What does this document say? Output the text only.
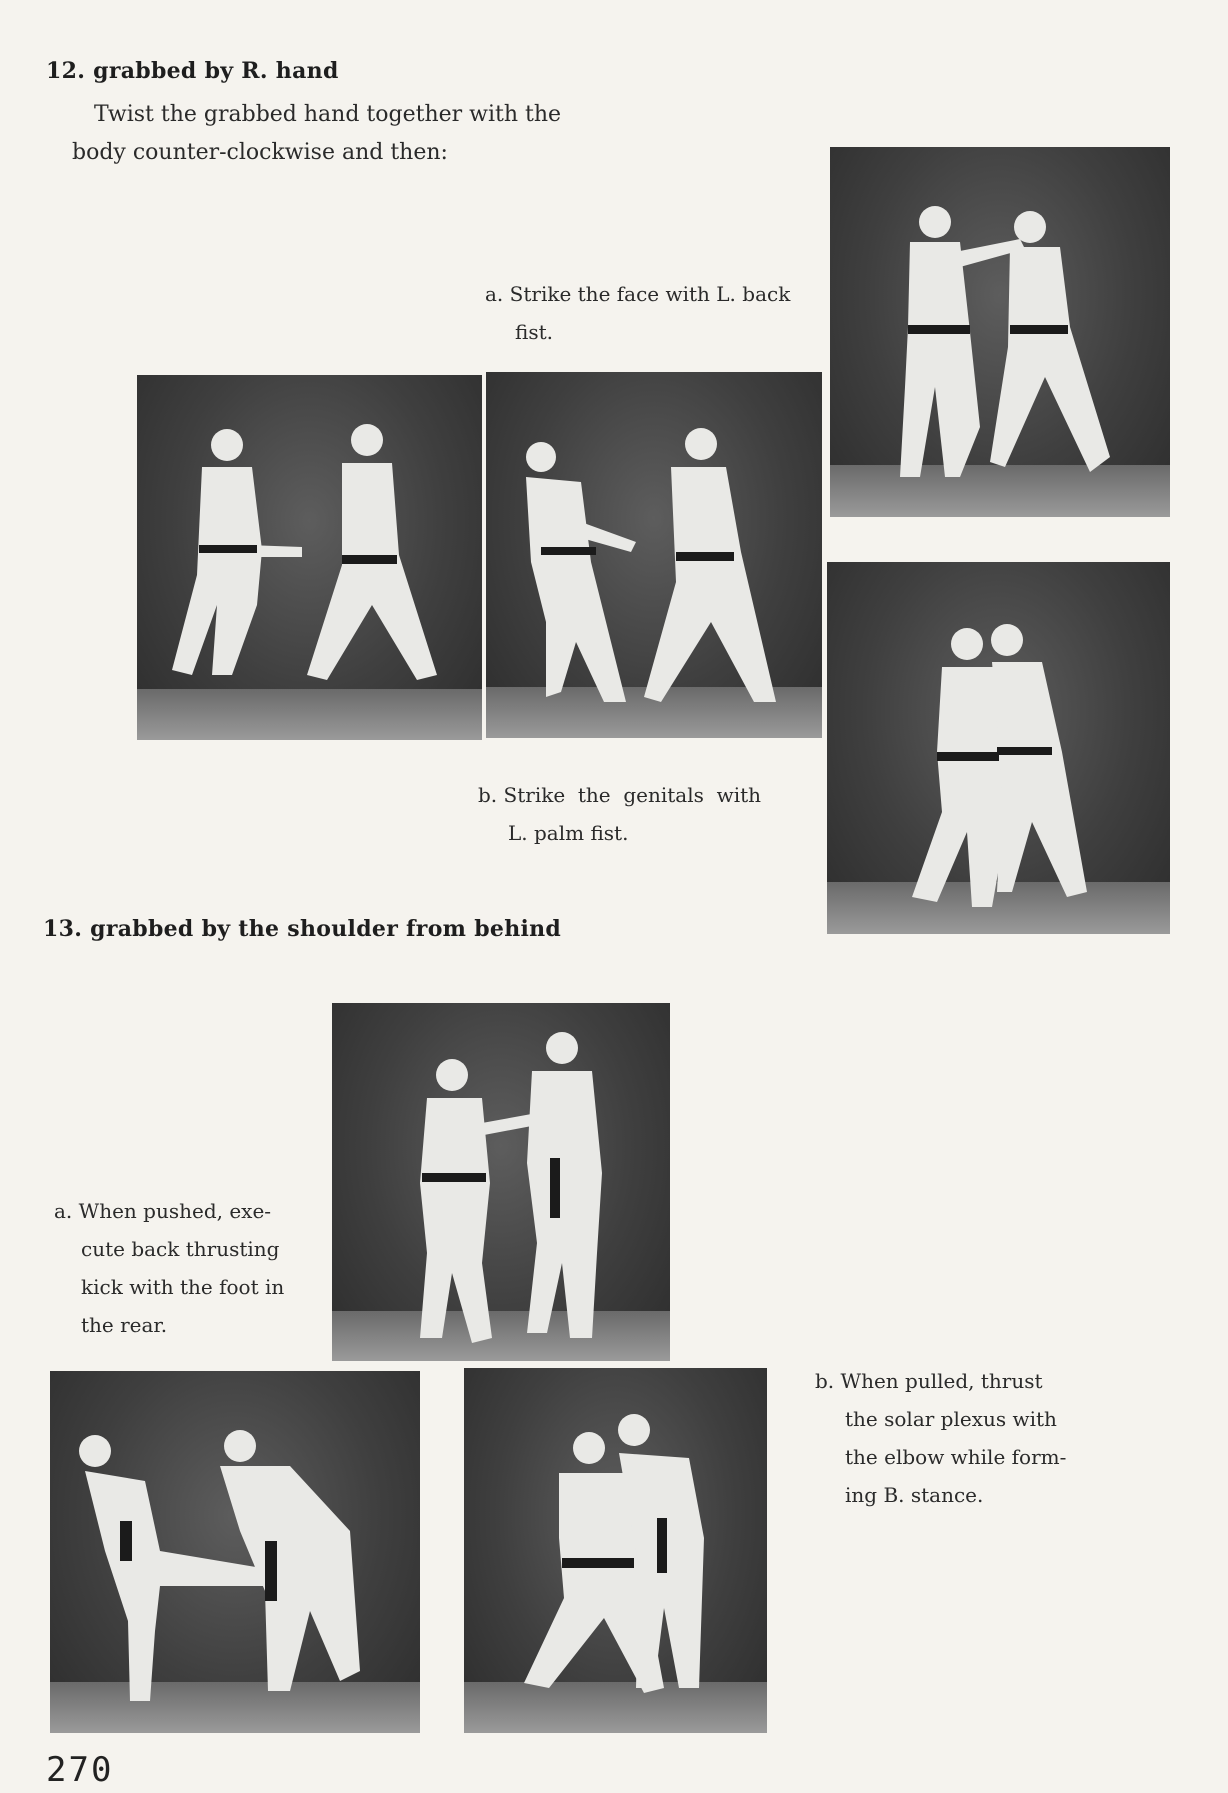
12. grabbed by R. hand
Twist the grabbed hand together with the
body counter-clockwise and then:
a. Strike the face with L. back
fist.
b. Strike  the  genitals  with
L. palm fist.
13. grabbed by the shoulder from behind
a. When pushed, exe-
cute back thrusting
kick with the foot in
the rear.
b. When pulled, thrust
the solar plexus with
the elbow while form-
ing B. stance.
270
